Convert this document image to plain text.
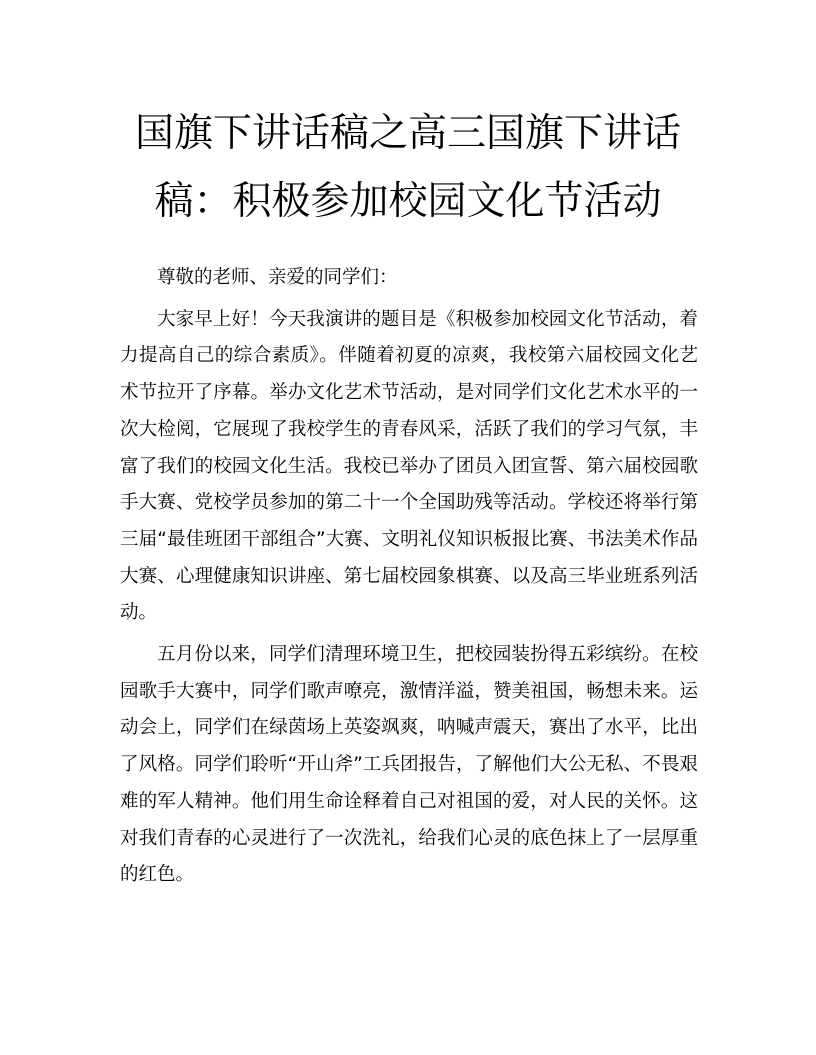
国旗下讲话稿之高三国旗下讲话稿：积极参加校园文化节活动

尊敬的老师、亲爱的同学们：

大家早上好！今天我演讲的题目是《积极参加校园文化节活动，着力提高自己的综合素质》。伴随着初夏的凉爽，我校第六届校园文化艺术节拉开了序幕。举办文化艺术节活动，是对同学们文化艺术水平的一次大检阅，它展现了我校学生的青春风采，活跃了我们的学习气氛，丰富了我们的校园文化生活。我校已举办了团员入团宣誓、第六届校园歌手大赛、党校学员参加的第二十一个全国助残等活动。学校还将举行第三届“最佳班团干部组合”大赛、文明礼仪知识板报比赛、书法美术作品大赛、心理健康知识讲座、第七届校园象棋赛、以及高三毕业班系列活动。

五月份以来，同学们清理环境卫生，把校园装扮得五彩缤纷。在校园歌手大赛中，同学们歌声嘹亮，激情洋溢，赞美祖国，畅想未来。运动会上，同学们在绿茵场上英姿飒爽，呐喊声震天，赛出了水平，比出了风格。同学们聆听“开山斧”工兵团报告，了解他们大公无私、不畏艰难的军人精神。他们用生命诠释着自己对祖国的爱，对人民的关怀。这对我们青春的心灵进行了一次洗礼，给我们心灵的底色抹上了一层厚重的红色。
